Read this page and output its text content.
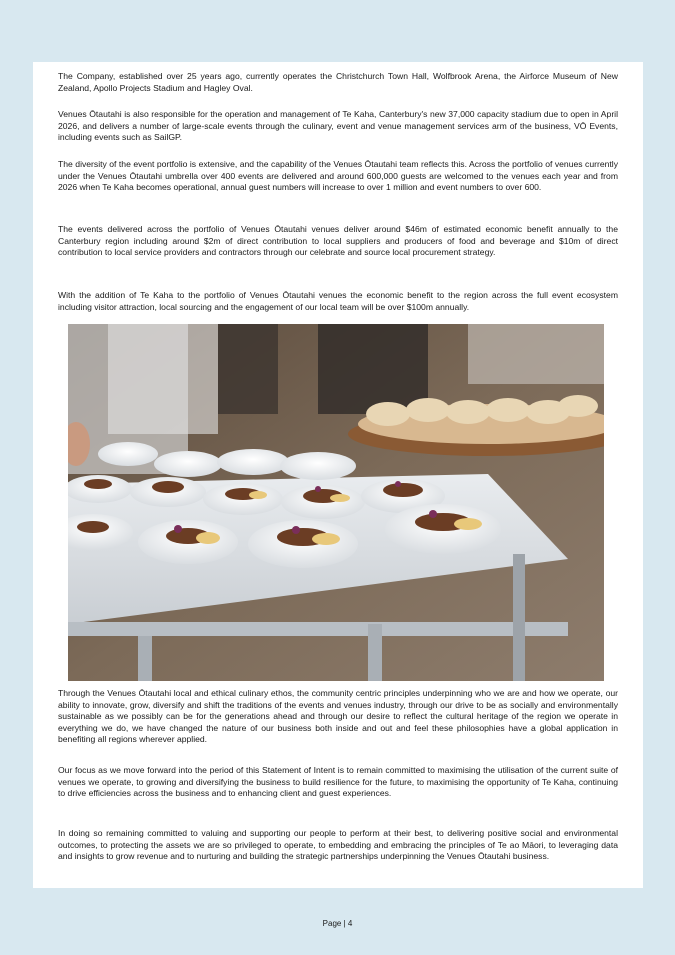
The Company, established over 25 years ago, currently operates the Christchurch Town Hall, Wolfbrook Arena, the Airforce Museum of New Zealand, Apollo Projects Stadium and Hagley Oval.

Venues Ōtautahi is also responsible for the operation and management of Te Kaha, Canterbury's new 37,000 capacity stadium due to open in April 2026, and delivers a number of large-scale events through the culinary, event and venue management services arm of the business, VŌ Events, including events such as SailGP.

The diversity of the event portfolio is extensive, and the capability of the Venues Ōtautahi team reflects this. Across the portfolio of venues currently under the Venues Ōtautahi umbrella over 400 events are delivered and around 600,000 guests are welcomed to the venues each year and from 2026 when Te Kaha becomes operational, annual guest numbers will increase to over 1 million and event numbers to over 600.

The events delivered across the portfolio of Venues Ōtautahi venues deliver around $46m of estimated economic benefit annually to the Canterbury region including around $2m of direct contribution to local suppliers and producers of food and beverage and $10m of direct contribution to local service providers and contractors through our celebrate and source local procurement strategy.

With the addition of Te Kaha to the portfolio of Venues Ōtautahi venues the economic benefit to the region across the full event ecosystem including visitor attraction, local sourcing and the engagement of our local team will be over $100m annually.

Through the Venues Ōtautahi local and ethical culinary ethos, the community centric principles underpinning who we are and how we operate, our ability to innovate, grow, diversify and shift the traditions of the events and venues industry, through our drive to be as socially and environmentally sustainable as we possibly can be for the generations ahead and through our desire to reflect the cultural heritage of the region we operate in everything we do, we have changed the nature of our business both inside and out and feel these philosophies have a global application in benefiting all regions wherever applied.

Our focus as we move forward into the period of this Statement of Intent is to remain committed to maximising the utilisation of the current suite of venues we operate, to growing and diversifying the business to build resilience for the future, to maximising the opportunity of Te Kaha, continuing to drive efficiencies across the business and to enhancing client and guest experiences.

In doing so remaining committed to valuing and supporting our people to perform at their best, to delivering positive social and environmental outcomes, to protecting the assets we are so privileged to operate, to embedding and embracing the principles of Te ao Māori, to leveraging data and insights to grow revenue and to nurturing and building the strategic partnerships underpinning the Venues Ōtautahi business.

Page | 4
